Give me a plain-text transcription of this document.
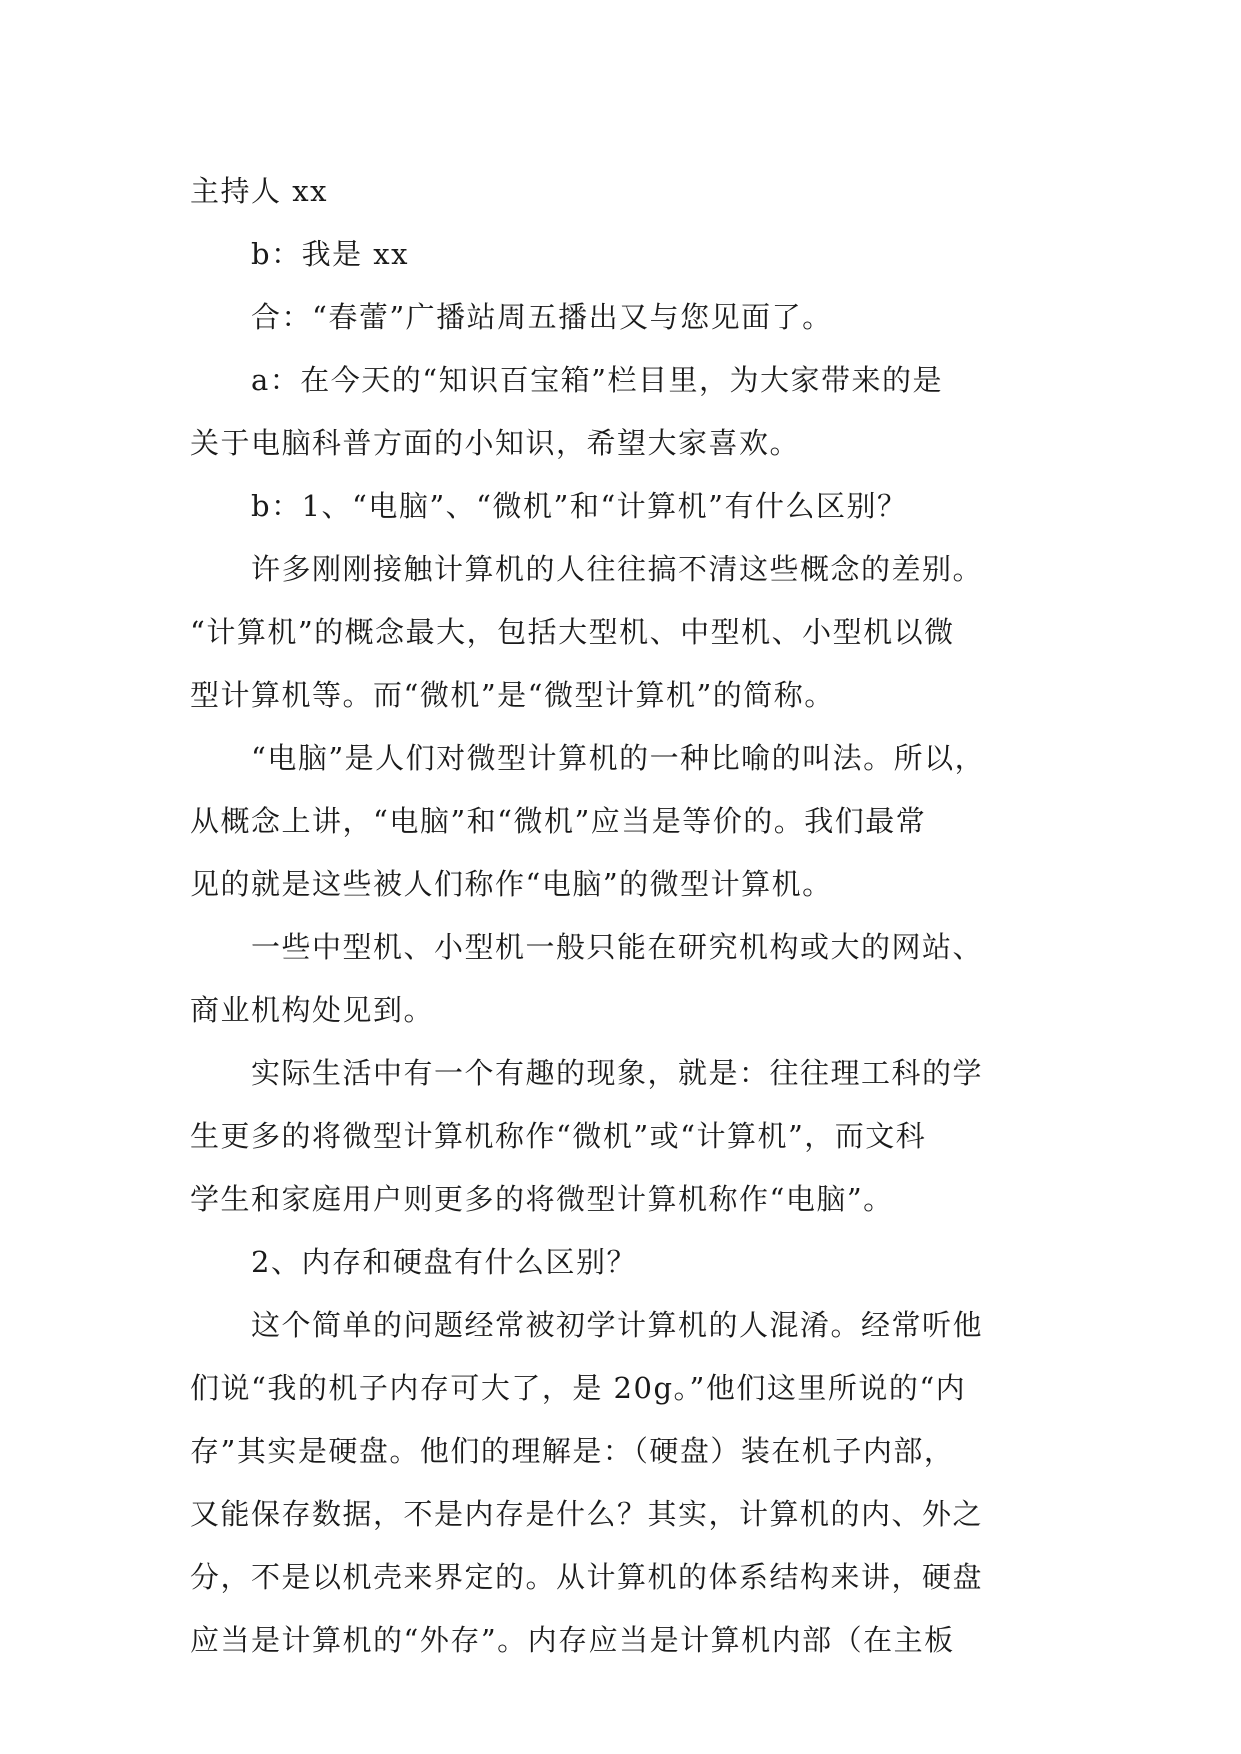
主持人 xx
b：我是 xx
合：“春蕾”广播站周五播出又与您见面了。
a：在今天的“知识百宝箱”栏目里，为大家带来的是
关于电脑科普方面的小知识，希望大家喜欢。
b：1、“电脑”、“微机”和“计算机”有什么区别？
许多刚刚接触计算机的人往往搞不清这些概念的差别。
“计算机”的概念最大，包括大型机、中型机、小型机以微
型计算机等。而“微机”是“微型计算机”的简称。
“电脑”是人们对微型计算机的一种比喻的叫法。所以，
从概念上讲，“电脑”和“微机”应当是等价的。我们最常
见的就是这些被人们称作“电脑”的微型计算机。
一些中型机、小型机一般只能在研究机构或大的网站、
商业机构处见到。
实际生活中有一个有趣的现象，就是：往往理工科的学
生更多的将微型计算机称作“微机”或“计算机”，而文科
学生和家庭用户则更多的将微型计算机称作“电脑”。
2、内存和硬盘有什么区别？
这个简单的问题经常被初学计算机的人混淆。经常听他
们说“我的机子内存可大了，是 20g。”他们这里所说的“内
存”其实是硬盘。他们的理解是：（硬盘）装在机子内部，
又能保存数据，不是内存是什么？其实，计算机的内、外之
分，不是以机壳来界定的。从计算机的体系结构来讲，硬盘
应当是计算机的“外存”。内存应当是计算机内部（在主板
